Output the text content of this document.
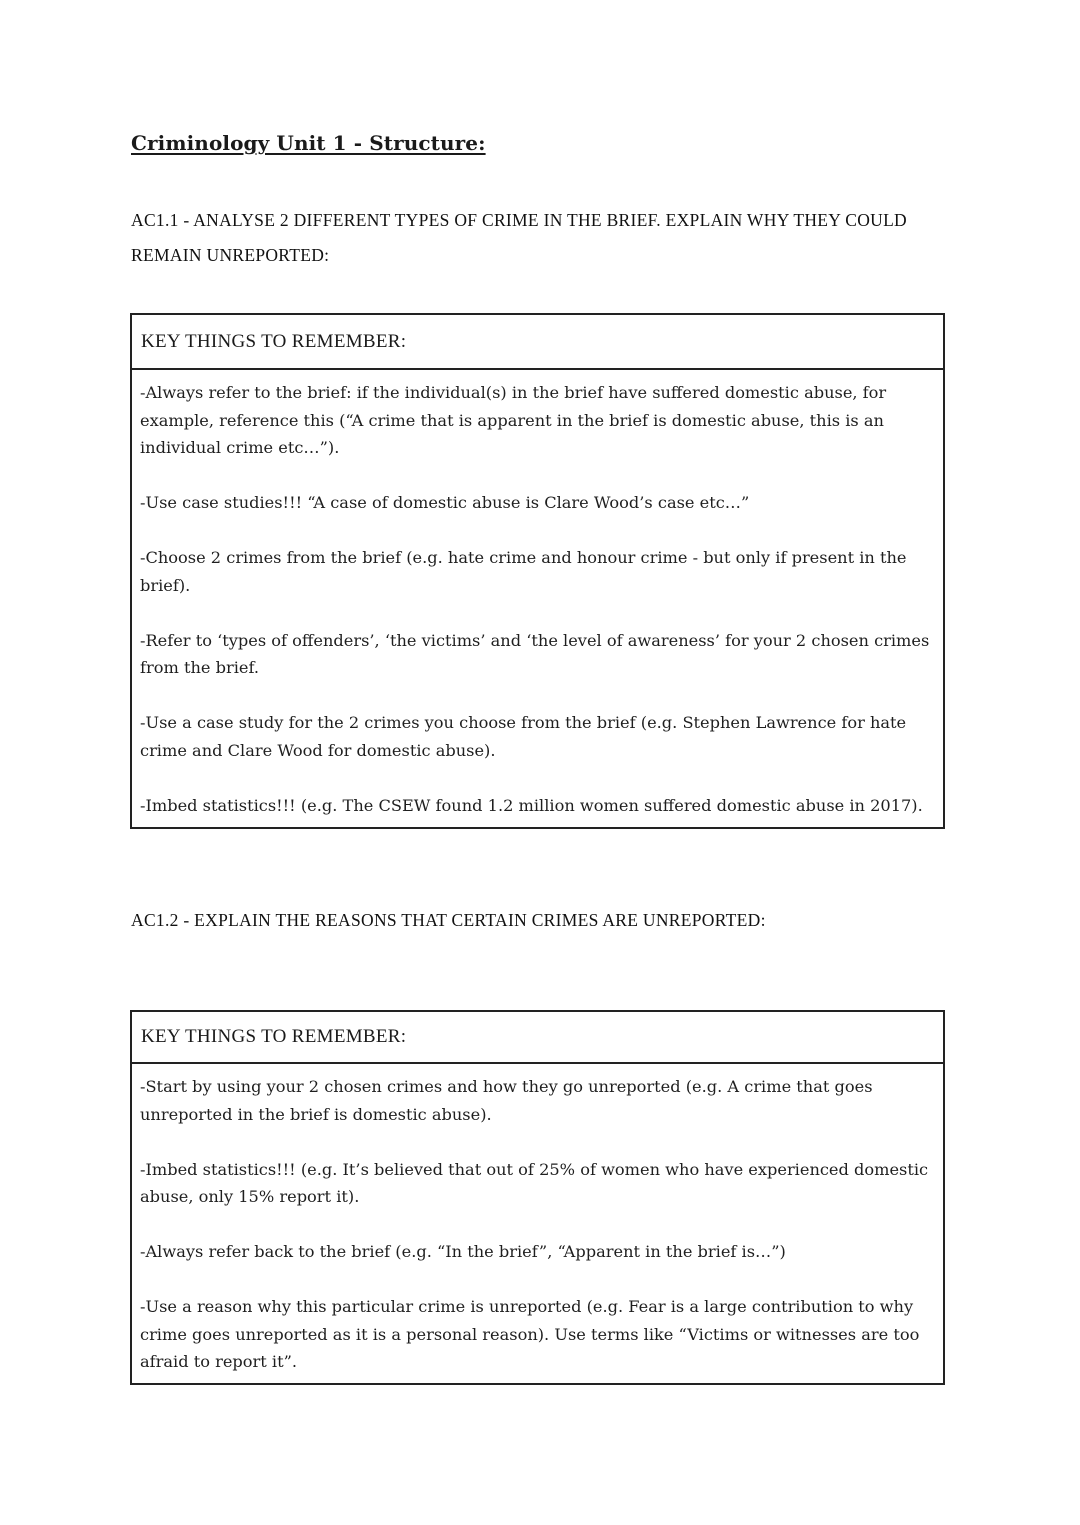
Criminology Unit 1 - Structure:
AC1.1 - ANALYSE 2 DIFFERENT TYPES OF CRIME IN THE BRIEF. EXPLAIN WHY THEY COULD REMAIN UNREPORTED:
KEY THINGS TO REMEMBER:

-Always refer to the brief: if the individual(s) in the brief have suffered domestic abuse, for example, reference this (“A crime that is apparent in the brief is domestic abuse, this is an individual crime etc…”).

-Use case studies!!! “A case of domestic abuse is Clare Wood’s case etc…”

-Choose 2 crimes from the brief (e.g. hate crime and honour crime - but only if present in the brief).

-Refer to ‘types of offenders’, ‘the victims’ and ‘the level of awareness’ for your 2 chosen crimes from the brief.

-Use a case study for the 2 crimes you choose from the brief (e.g. Stephen Lawrence for hate crime and Clare Wood for domestic abuse).

-Imbed statistics!!! (e.g. The CSEW found 1.2 million women suffered domestic abuse in 2017).

AC1.2 - EXPLAIN THE REASONS THAT CERTAIN CRIMES ARE UNREPORTED:
KEY THINGS TO REMEMBER:

-Start by using your 2 chosen crimes and how they go unreported (e.g. A crime that goes unreported in the brief is domestic abuse).

-Imbed statistics!!! (e.g. It’s believed that out of 25% of women who have experienced domestic abuse, only 15% report it).

-Always refer back to the brief (e.g. “In the brief”, “Apparent in the brief is…”)

-Use a reason why this particular crime is unreported (e.g. Fear is a large contribution to why crime goes unreported as it is a personal reason). Use terms like “Victims or witnesses are too afraid to report it”.
